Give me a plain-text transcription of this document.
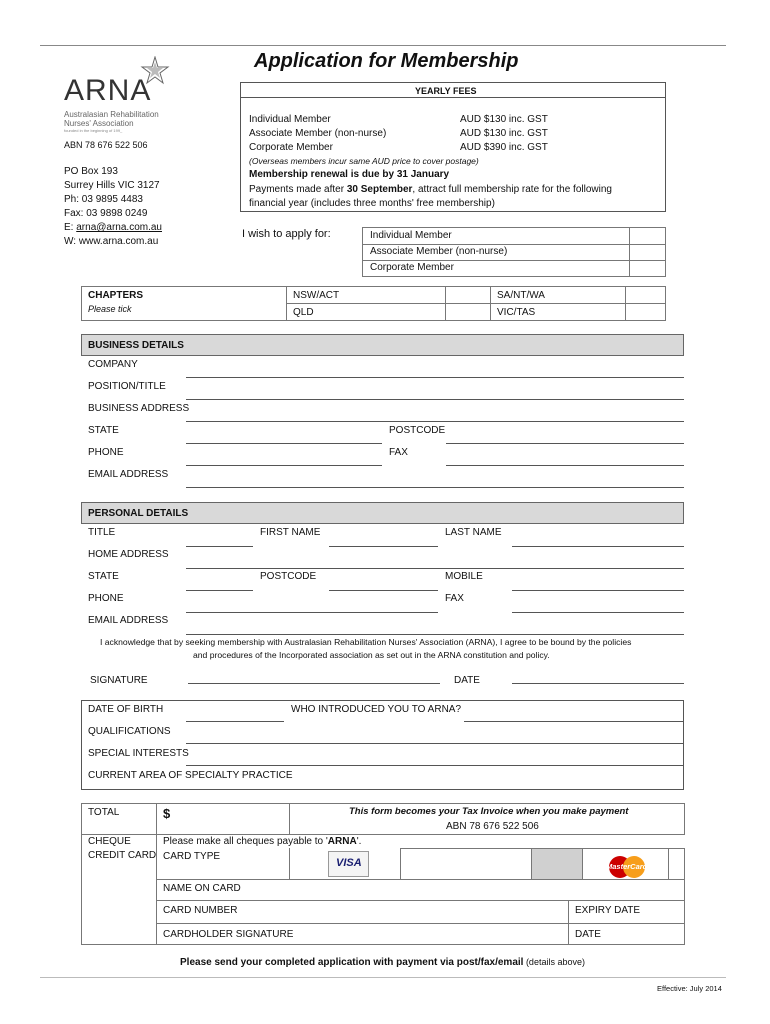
ARNA
Australasian Rehabilitation
Nurses' Association
founded in the beginning of 199_
ABN 78 676 522 506
PO Box 193
Surrey Hills VIC 3127
Ph: 03 9895 4483
Fax: 03 9898 0249
E: arna@arna.com.au
W: www.arna.com.au
Application for Membership
YEARLY FEES
Individual Member	AUD $130 inc. GST
Associate Member (non-nurse)	AUD $130 inc. GST
Corporate Member	AUD $390 inc. GST
(Overseas members incur same AUD price to cover postage)
Membership renewal is due by 31 January
Payments made after 30 September, attract full membership rate for the following
financial year (includes three months' free membership)
I wish to apply for:	Individual Member
Associate Member (non-nurse)
Corporate Member
CHAPTERS
Please tick
NSW/ACT	SA/NT/WA
QLD	VIC/TAS
BUSINESS DETAILS
COMPANY
POSITION/TITLE
BUSINESS ADDRESS
STATE	POSTCODE
PHONE	FAX
EMAIL ADDRESS
PERSONAL DETAILS
TITLE	FIRST NAME	LAST NAME
HOME ADDRESS
STATE	POSTCODE	MOBILE
PHONE	FAX
EMAIL ADDRESS
I acknowledge that by seeking membership with Australasian Rehabilitation Nurses' Association (ARNA), I agree to be bound by the policies
and procedures of the Incorporated association as set out in the ARNA constitution and policy.
SIGNATURE	DATE
DATE OF BIRTH	WHO INTRODUCED YOU TO ARNA?
QUALIFICATIONS
SPECIAL INTERESTS
CURRENT AREA OF SPECIALTY PRACTICE
TOTAL	$	This form becomes your Tax Invoice when you make payment
ABN 78 676 522 506
CHEQUE
CREDIT CARD
Please make all cheques payable to 'ARNA'.
CARD TYPE
VISA	MasterCard
NAME ON CARD
CARD NUMBER	EXPIRY DATE
CARDHOLDER SIGNATURE	DATE
Please send your completed application with payment via post/fax/email (details above)
Effective: July 2014
